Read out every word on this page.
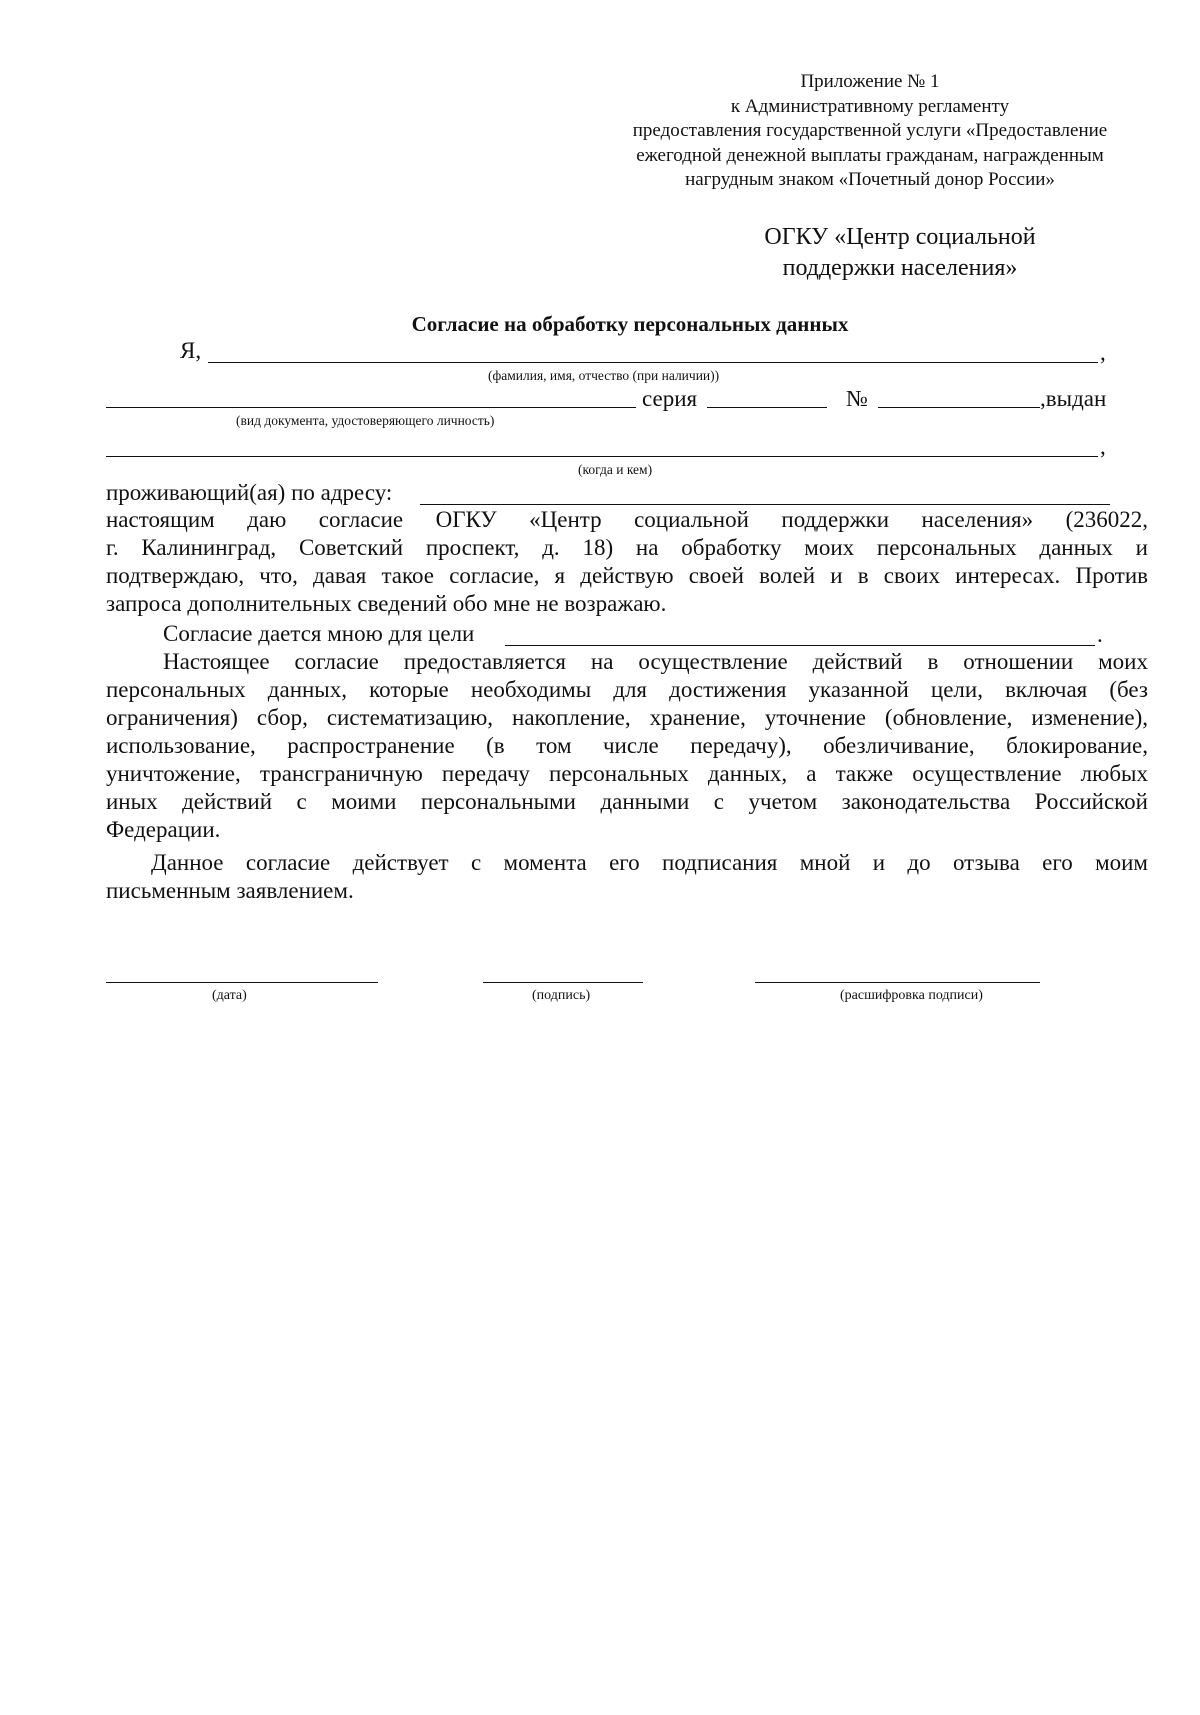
Приложение № 1
к Административному регламенту
предоставления государственной услуги «Предоставление
ежегодной денежной выплаты гражданам, награжденным
нагрудным знаком «Почетный донор России»
ОГКУ «Центр социальной
поддержки населения»
Согласие на обработку персональных данных
Я,	,
(фамилия, имя, отчество (при наличии))
серия	№	,выдан
(вид документа, удостоверяющего личность)
,
(когда и кем)
проживающий(ая) по адресу:
настоящим даю согласие ОГКУ «Центр социальной поддержки населения» (236022,
г. Калининград, Советский проспект, д. 18) на обработку моих персональных данных и
подтверждаю, что, давая такое согласие, я действую своей волей и в своих интересах. Против
запроса дополнительных сведений обо мне не возражаю.
Согласие дается мною для цели	.
Настоящее согласие предоставляется на осуществление действий в отношении моих
персональных данных, которые необходимы для достижения указанной цели, включая (без
ограничения) сбор, систематизацию, накопление, хранение, уточнение (обновление, изменение),
использование, распространение (в том числе передачу), обезличивание, блокирование,
уничтожение, трансграничную передачу персональных данных, а также осуществление любых
иных действий с моими персональными данными с учетом законодательства Российской
Федерации.
Данное согласие действует с момента его подписания мной и до отзыва его моим
письменным заявлением.
(дата)	(подпись)	(расшифровка подписи)
